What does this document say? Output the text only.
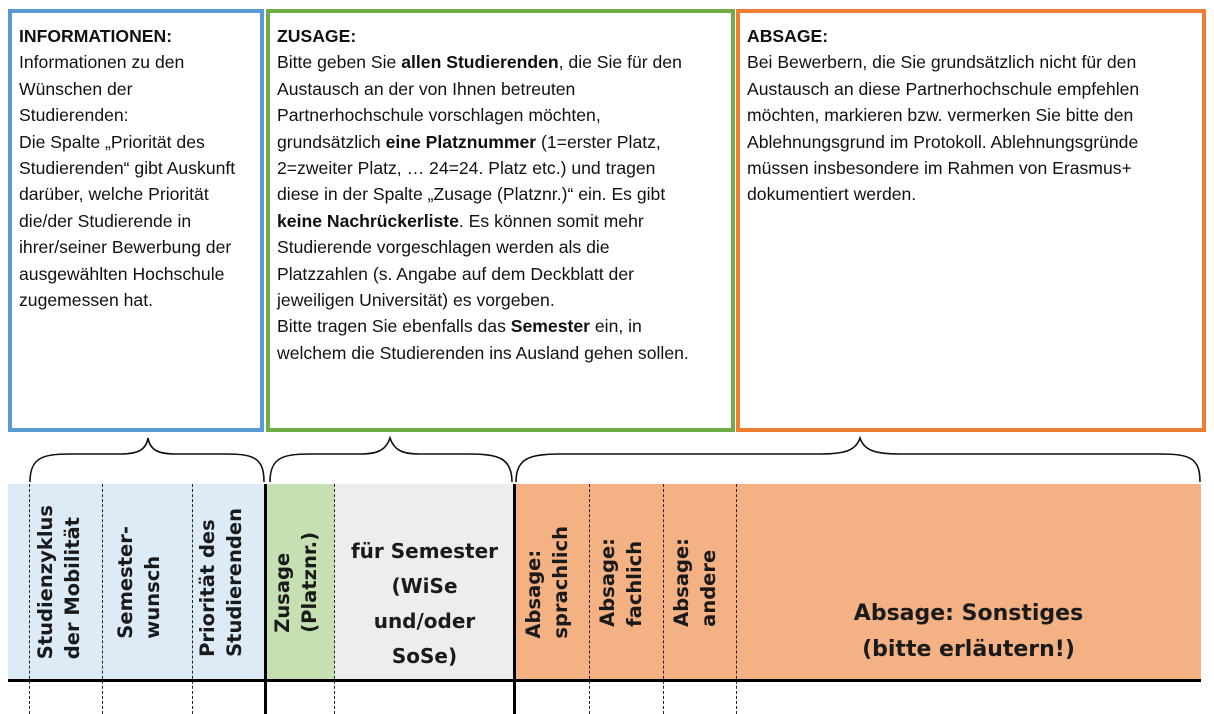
INFORMATIONEN:
Informationen zu den
Wünschen der
Studierenden:
Die Spalte „Priorität des
Studierenden“ gibt Auskunft
darüber, welche Priorität
die/der Studierende in
ihrer/seiner Bewerbung der
ausgewählten Hochschule
zugemessen hat.
ZUSAGE:
Bitte geben Sie allen Studierenden, die Sie für den
Austausch an der von Ihnen betreuten
Partnerhochschule vorschlagen möchten,
grundsätzlich eine Platznummer (1=erster Platz,
2=zweiter Platz, … 24=24. Platz etc.) und tragen
diese in der Spalte „Zusage (Platznr.)“ ein. Es gibt
keine Nachrückerliste. Es können somit mehr
Studierende vorgeschlagen werden als die
Platzzahlen (s. Angabe auf dem Deckblatt der
jeweiligen Universität) es vorgeben.
Bitte tragen Sie ebenfalls das Semester ein, in
welchem die Studierenden ins Ausland gehen sollen.
ABSAGE:
Bei Bewerbern, die Sie grundsätzlich nicht für den
Austausch an diese Partnerhochschule empfehlen
möchten, markieren bzw. vermerken Sie bitte den
Ablehnungsgrund im Protokoll. Ablehnungsgründe
müssen insbesondere im Rahmen von Erasmus+
dokumentiert werden.
Studienzyklus der Mobilität Semester- wunsch Priorität des Studierenden Zusage (Platznr.)	für Semester
(WiSe
und/oder
SoSe)
Absage: sprachlich Absage: fachlich Absage: andere	Absage: Sonstiges
(bitte erläutern!)
